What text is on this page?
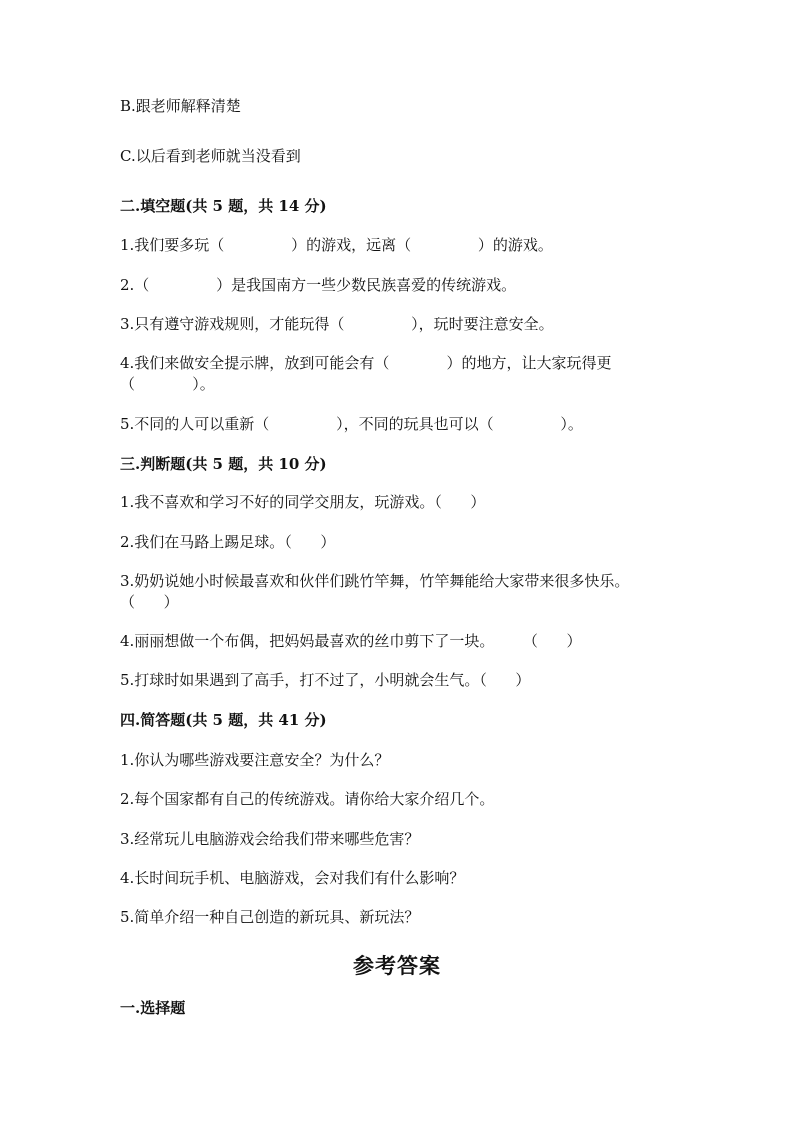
B.跟老师解释清楚
C.以后看到老师就当没看到
二.填空题(共 5 题，共 14 分)
1.我们要多玩（              ）的游戏，远离（              ）的游戏。
2.（              ）是我国南方一些少数民族喜爱的传统游戏。
3.只有遵守游戏规则，才能玩得（              ），玩时要注意安全。
4.我们来做安全提示牌，放到可能会有（            ）的地方，让大家玩得更
（            ）。
5.不同的人可以重新（              ），不同的玩具也可以（              ）。
三.判断题(共 5 题，共 10 分)
1.我不喜欢和学习不好的同学交朋友，玩游戏。（      ）
2.我们在马路上踢足球。（      ）
3.奶奶说她小时候最喜欢和伙伴们跳竹竿舞，竹竿舞能给大家带来很多快乐。
（      ）
4.丽丽想做一个布偶，把妈妈最喜欢的丝巾剪下了一块。      （      ）
5.打球时如果遇到了高手，打不过了，小明就会生气。（      ）
四.简答题(共 5 题，共 41 分)
1.你认为哪些游戏要注意安全？为什么？
2.每个国家都有自己的传统游戏。请你给大家介绍几个。
3.经常玩儿电脑游戏会给我们带来哪些危害？
4.长时间玩手机、电脑游戏，会对我们有什么影响？
5.简单介绍一种自己创造的新玩具、新玩法？
参考答案
一.选择题
